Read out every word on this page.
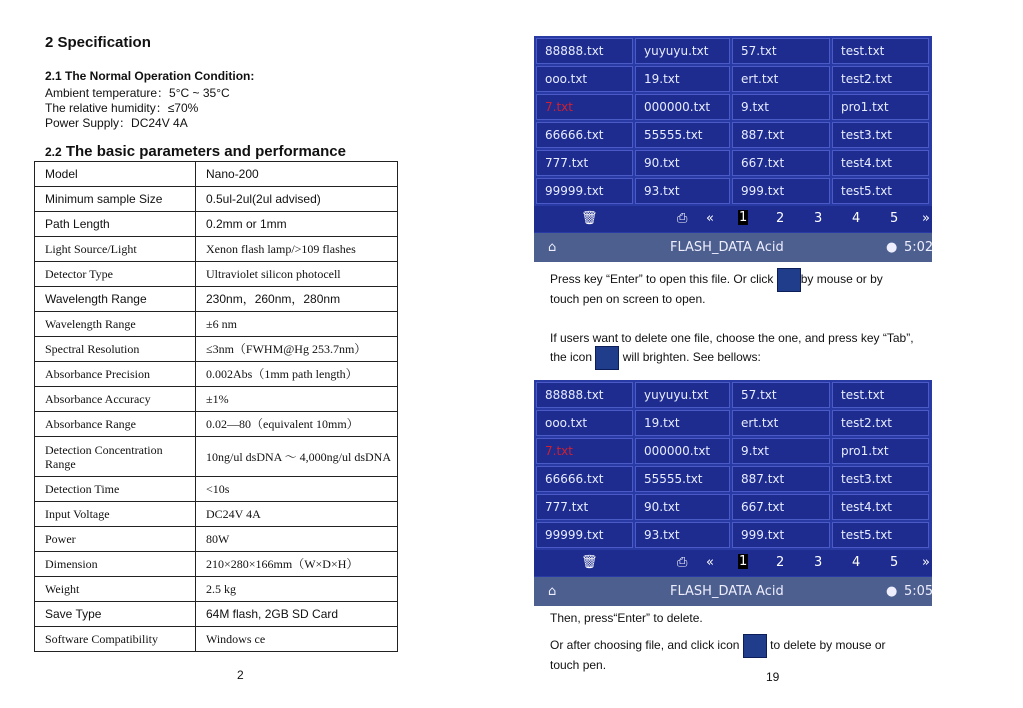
2 Specification
2.1 The Normal Operation Condition:
Ambient temperature：5°C ~ 35°C
The relative humidity：≤70%
Power Supply：DC24V 4A
2.2 The basic parameters and performance
Model	Nano-200
Minimum sample Size	0.5ul-2ul(2ul advised)
Path Length	0.2mm or 1mm
Light Source/Light	Xenon flash lamp/>109 flashes
Detector Type	Ultraviolet silicon photocell
Wavelength Range	230nm，260nm，280nm
Wavelength Range	±6 nm
Spectral Resolution	≤3nm（FWHM@Hg 253.7nm）
Absorbance Precision	0.002Abs（1mm path length）
Absorbance Accuracy	±1%
Absorbance Range	0.02—80（equivalent 10mm）
Detection Concentration Range	10ng/ul dsDNA ～ 4,000ng/ul dsDNA
Detection Time	<10s
Input Voltage	DC24V 4A
Power	80W
Dimension	210×280×166mm（W×D×H）
Weight	2.5 kg
Save Type	64M flash, 2GB SD Card
Software Compatibility	Windows ce
2
88888.txt	yuyuyu.txt	57.txt	test.txt
ooo.txt	19.txt	ert.txt	test2.txt
7.txt	000000.txt	9.txt	pro1.txt
66666.txt	55555.txt	887.txt	test3.txt
777.txt	90.txt	667.txt	test4.txt
99999.txt	93.txt	999.txt	test5.txt
🗑	⎙ « 1 2 3 4 5 »
⌂	FLASH_DATA Acid	● 5:02
Press key “Enter” to open this file. Or click by mouse or by
touch pen on screen to open.
If users want to delete one file, choose the one, and press key “Tab”,
the icon	will brighten. See bellows:
88888.txt	yuyuyu.txt	57.txt	test.txt
ooo.txt	19.txt	ert.txt	test2.txt
7.txt	000000.txt	9.txt	pro1.txt
66666.txt	55555.txt	887.txt	test3.txt
777.txt	90.txt	667.txt	test4.txt
99999.txt	93.txt	999.txt	test5.txt
🗑	⎙ « 1 2 3 4 5 »
⌂	FLASH_DATA Acid	● 5:05
Then, press“Enter” to delete.
Or after choosing file, and click icon	to delete by mouse or
touch pen.
19
